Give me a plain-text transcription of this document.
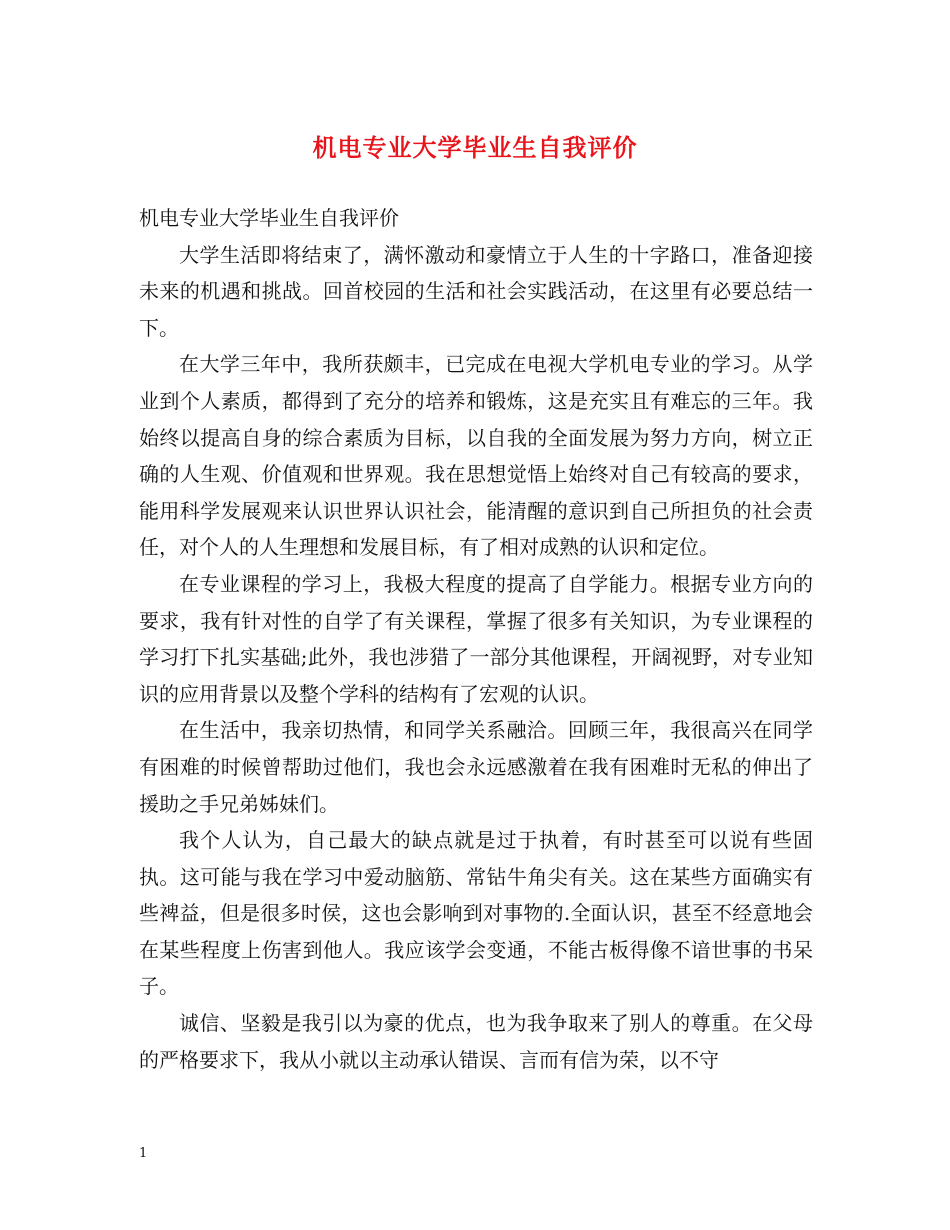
机电专业大学毕业生自我评价

机电专业大学毕业生自我评价

大学生活即将结束了，满怀激动和豪情立于人生的十字路口，准备迎接未来的机遇和挑战。回首校园的生活和社会实践活动，在这里有必要总结一下。

在大学三年中，我所获颇丰，已完成在电视大学机电专业的学习。从学业到个人素质，都得到了充分的培养和锻炼，这是充实且有难忘的三年。我始终以提高自身的综合素质为目标，以自我的全面发展为努力方向，树立正确的人生观、价值观和世界观。我在思想觉悟上始终对自己有较高的要求，能用科学发展观来认识世界认识社会，能清醒的意识到自己所担负的社会责任，对个人的人生理想和发展目标，有了相对成熟的认识和定位。

在专业课程的学习上，我极大程度的提高了自学能力。根据专业方向的要求，我有针对性的自学了有关课程，掌握了很多有关知识，为专业课程的学习打下扎实基础;此外，我也涉猎了一部分其他课程，开阔视野，对专业知识的应用背景以及整个学科的结构有了宏观的认识。

在生活中，我亲切热情，和同学关系融洽。回顾三年，我很高兴在同学有困难的时候曾帮助过他们，我也会永远感激着在我有困难时无私的伸出了援助之手兄弟姊妹们。

我个人认为，自己最大的缺点就是过于执着，有时甚至可以说有些固执。这可能与我在学习中爱动脑筋、常钻牛角尖有关。这在某些方面确实有些裨益，但是很多时侯，这也会影响到对事物的.全面认识，甚至不经意地会在某些程度上伤害到他人。我应该学会变通，不能古板得像不谙世事的书呆子。

诚信、坚毅是我引以为豪的优点，也为我争取来了别人的尊重。在父母的严格要求下，我从小就以主动承认错误、言而有信为荣，以不守

1
